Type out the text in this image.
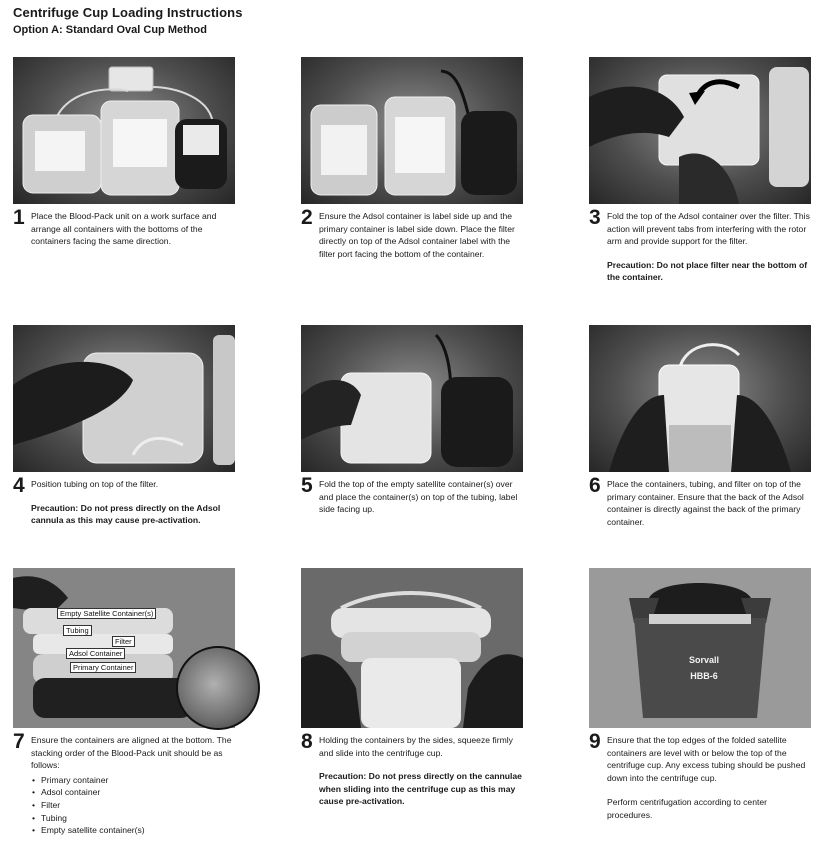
Centrifuge Cup Loading Instructions
Option A: Standard Oval Cup Method
1 Place the Blood-Pack unit on a work surface and arrange all containers with the bottoms of the containers facing the same direction.
2 Ensure the Adsol container is label side up and the primary container is label side down. Place the filter directly on top of the Adsol container label with the filter port facing the bottom of the container.
3 Fold the top of the Adsol container over the filter. This action will prevent tabs from interfering with the rotor arm and provide support for the filter.
Precaution: Do not place filter near the bottom of the container.
4 Position tubing on top of the filter.
Precaution: Do not press directly on the Adsol cannula as this may cause pre-activation.
5 Fold the top of the empty satellite container(s) over and place the container(s) on top of the tubing, label side facing up.
6 Place the containers, tubing, and filter on top of the primary container. Ensure that the back of the Adsol container is directly against the back of the primary container.
Empty Satellite Container(s)
Tubing
Filter
Adsol Container
Primary Container
7 Ensure the containers are aligned at the bottom. The stacking order of the Blood-Pack unit should be as follows:
• Primary container
• Adsol container
• Filter
• Tubing
• Empty satellite container(s)
8 Holding the containers by the sides, squeeze firmly and slide into the centrifuge cup.
Precaution: Do not press directly on the cannulae when sliding into the centrifuge cup as this may cause pre-activation.
Sorvall
HBB-6
9 Ensure that the top edges of the folded satellite containers are level with or below the top of the centrifuge cup. Any excess tubing should be pushed down into the centrifuge cup.
Perform centrifugation according to center procedures.
